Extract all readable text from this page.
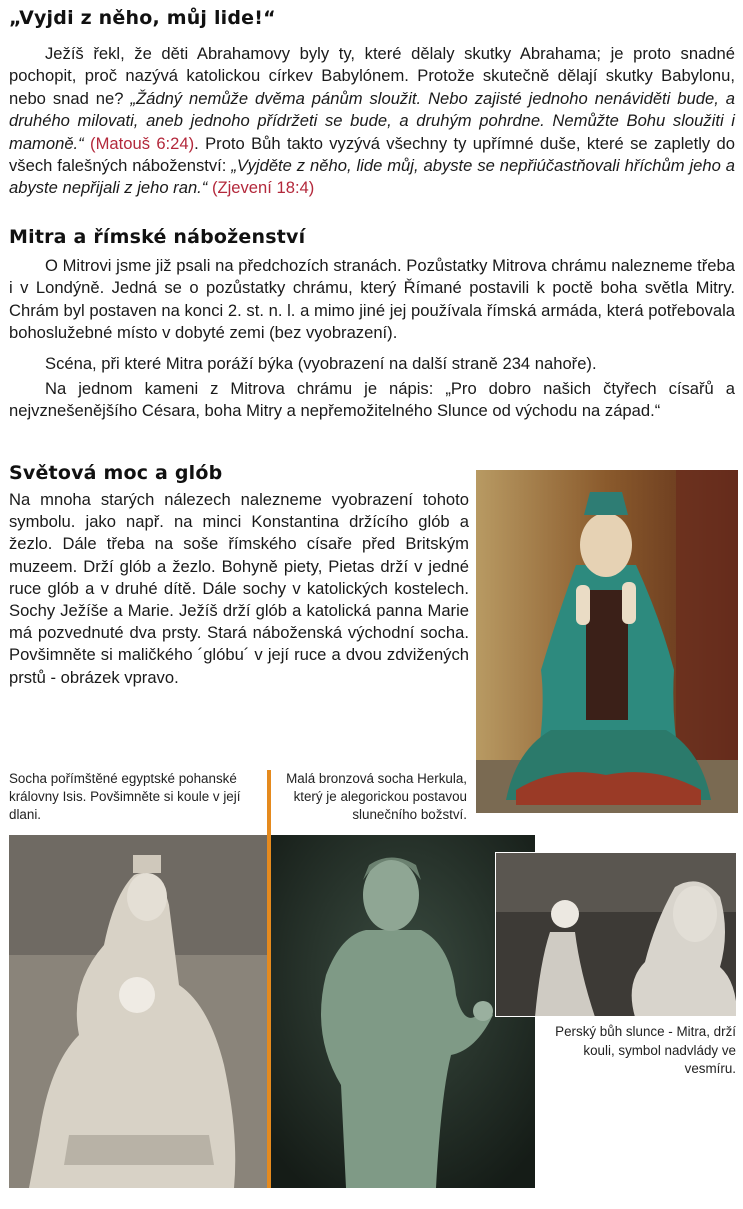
„Vyjdi z něho, můj lide!“

Ježíš řekl, že děti Abrahamovy byly ty, které dělaly skutky Abrahama; je proto snadné pochopit, proč nazývá katolickou církev Babylónem. Protože skutečně dělají skutky Babylonu, nebo snad ne? „Žádný nemůže dvěma pánům sloužit. Nebo zajisté jednoho nenáviděti bude, a druhého milovati, aneb jednoho přídržeti se bude, a druhým pohrdne. Nemůžte Bohu sloužiti i mamoně.“ (Matouš 6:24). Proto Bůh takto vyzývá všechny ty upřímné duše, které se zapletly do všech falešných náboženství: „Vyjděte z něho, lide můj, abyste se nepřiúčastňovali hříchům jeho a abyste nepřijali z jeho ran.“ (Zjevení 18:4)

Mitra a římské náboženství

O Mitrovi jsme již psali na předchozích stranách. Pozůstatky Mitrova chrámu nalezneme třeba i v Londýně. Jedná se o pozůstatky chrámu, který Římané postavili k poctě boha světla Mitry. Chrám byl postaven na konci 2. st. n. l. a mimo jiné jej používala římská armáda, která potřebovala bohoslužebné místo v dobyté zemi (bez vyobrazení).

Scéna, při které Mitra poráží býka (vyobrazení na další straně 234 nahoře).

Na jednom kameni z Mitrova chrámu je nápis: „Pro dobro našich čtyřech císařů a nejvznešenějšího Césara, boha Mitry a nepřemožitelného Slunce od východu na západ.“

Světová moc a glób

Na mnoha starých nálezech nalezneme vyobrazení tohoto symbolu. jako např. na minci Konstantina držícího glób a žezlo. Dále třeba na soše římského císaře před Britským muzeem. Drží glób a žezlo. Bohyně piety, Pietas drží v jedné ruce glób a v druhé dítě. Dále sochy v katolických kostelech. Sochy Ježíše a Marie. Ježíš drží glób a katolická panna Marie má pozvednuté dva prsty. Stará náboženská východní socha. Povšimněte si maličkého ´glóbu´ v její ruce a dvou zdvižených prstů - obrázek vpravo.

Socha pořímštěné egyptské pohanské královny Isis. Povšimněte si koule v její dlani.

Malá bronzová socha Herkula, který je alegorickou postavou slunečního božství.

Perský bůh slunce - Mitra, drží kouli, symbol nadvlády ve vesmíru.
